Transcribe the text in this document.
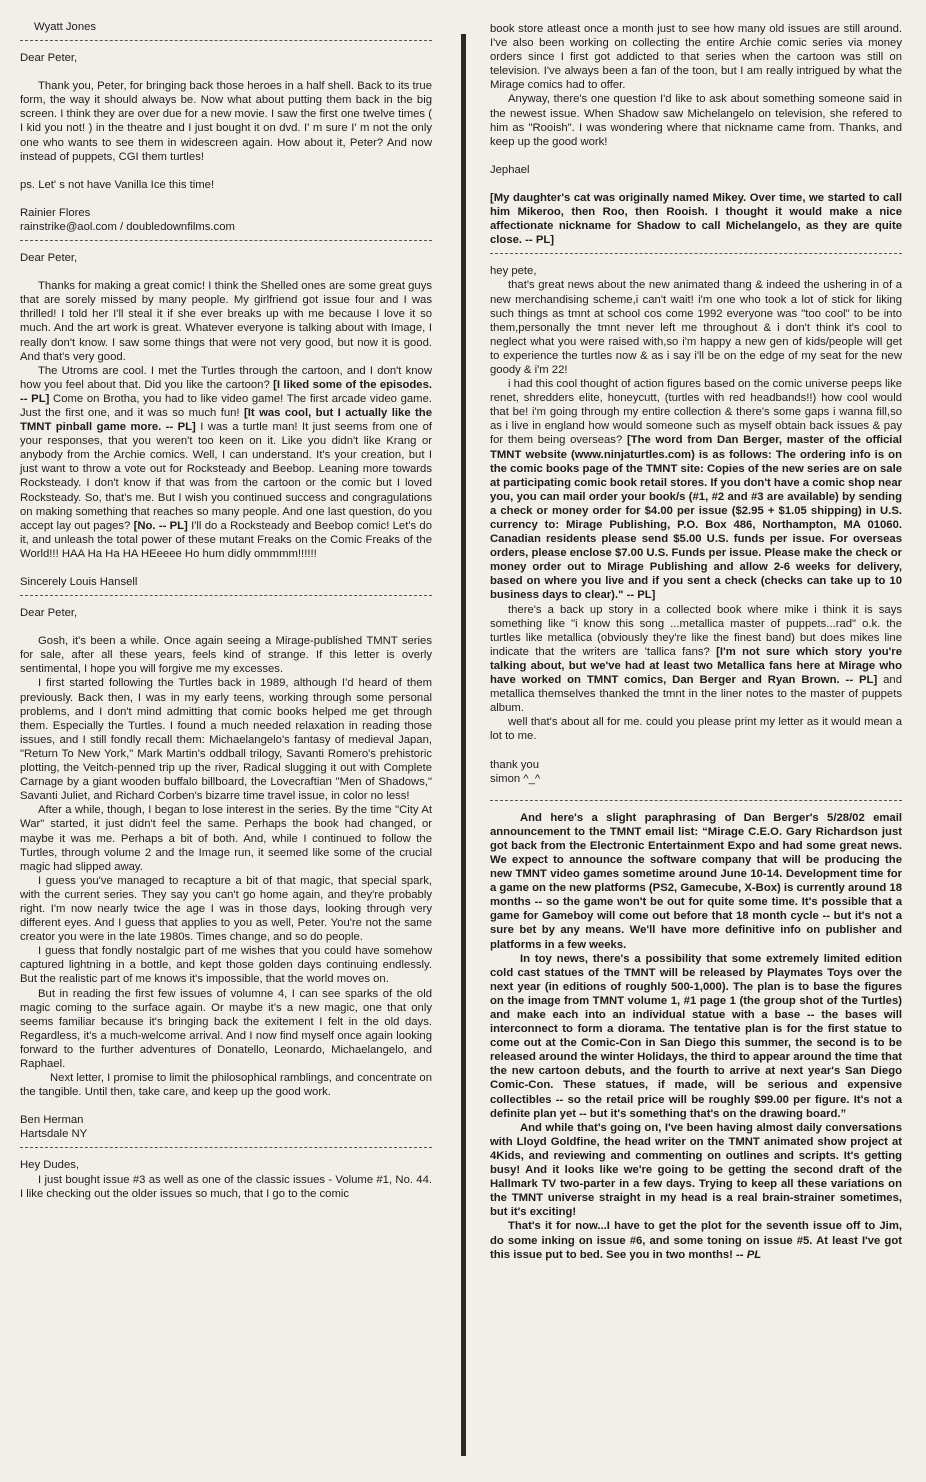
Wyatt Jones

Dear Peter,

Thank you, Peter, for bringing back those heroes in a half shell. Back to its true form, the way it should always be. Now what about putting them back in the big screen. I think they are over due for a new movie. I saw the first one twelve times ( I kid you not! ) in the theatre and I just bought it on dvd. I' m sure I' m not the only one who wants to see them in widescreen again. How about it, Peter? And now instead of puppets, CGI them turtles!

ps. Let' s not have Vanilla Ice this time!

Rainier Flores

rainstrike@aol.com / doubledownfilms.com

Dear Peter,

Thanks for making a great comic! I think the Shelled ones are some great guys that are sorely missed by many people. My girlfriend got issue four and I was thrilled! I told her I'll steal it if she ever breaks up with me because I love it so much. And the art work is great. Whatever everyone is talking about with Image, I really don't know. I saw some things that were not very good, but now it is good. And that's very good.

The Utroms are cool. I met the Turtles through the cartoon, and I don't know how you feel about that. Did you like the cartoon? [I liked some of the episodes. -- PL] Come on Brotha, you had to like video game! The first arcade video game. Just the first one, and it was so much fun! [It was cool, but I actually like the TMNT pinball game more. -- PL] I was a turtle man! It just seems from one of your responses, that you weren't too keen on it. Like you didn't like Krang or anybody from the Archie comics. Well, I can understand. It's your creation, but I just want to throw a vote out for Rocksteady and Beebop. Leaning more towards Rocksteady. I don't know if that was from the cartoon or the comic but I loved Rocksteady. So, that's me. But I wish you continued success and congragulations on making something that reaches so many people. And one last question, do you accept lay out pages? [No. -- PL] I'll do a Rocksteady and Beebop comic! Let's do it, and unleash the total power of these mutant Freaks on the Comic Freaks of the World!!! HAA Ha Ha HA HEeeee Ho hum didly ommmm!!!!!!

Sincerely Louis Hansell

Dear Peter,

Gosh, it's been a while. Once again seeing a Mirage-published TMNT series for sale, after all these years, feels kind of strange. If this letter is overly sentimental, I hope you will forgive me my excesses.

I first started following the Turtles back in 1989, although I'd heard of them previously. Back then, I was in my early teens, working through some personal problems, and I don't mind admitting that comic books helped me get through them. Especially the Turtles. I found a much needed relaxation in reading those issues, and I still fondly recall them: Michaelangelo's fantasy of medieval Japan, "Return To New York," Mark Martin's oddball trilogy, Savanti Romero's prehistoric plotting, the Veitch-penned trip up the river, Radical slugging it out with Complete Carnage by a giant wooden buffalo billboard, the Lovecraftian "Men of Shadows," Savanti Juliet, and Richard Corben's bizarre time travel issue, in color no less!

After a while, though, I began to lose interest in the series. By the time "City At War" started, it just didn't feel the same. Perhaps the book had changed, or maybe it was me. Perhaps a bit of both. And, while I continued to follow the Turtles, through volume 2 and the Image run, it seemed like some of the crucial magic had slipped away.

I guess you've managed to recapture a bit of that magic, that special spark, with the current series. They say you can't go home again, and they're probably right. I'm now nearly twice the age I was in those days, looking through very different eyes. And I guess that applies to you as well, Peter. You're not the same creator you were in the late 1980s. Times change, and so do people.

I guess that fondly nostalgic part of me wishes that you could have somehow captured lightning in a bottle, and kept those golden days continuing endlessly. But the realistic part of me knows it's impossible, that the world moves on.

But in reading the first few issues of volumne 4, I can see sparks of the old magic coming to the surface again. Or maybe it's a new magic, one that only seems familiar because it's bringing back the exitement I felt in the old days. Regardless, it's a much-welcome arrival. And I now find myself once again looking forward to the further adventures of Donatello, Leonardo, Michaelangelo, and Raphael.

Next letter, I promise to limit the philosophical ramblings, and concentrate on the tangible. Until then, take care, and keep up the good work.

Ben Herman

Hartsdale NY

Hey Dudes,

I just bought issue #3 as well as one of the classic issues - Volume #1, No. 44. I like checking out the older issues so much, that I go to the comic

book store atleast once a month just to see how many old issues are still around. I've also been working on collecting the entire Archie comic series via money orders since I first got addicted to that series when the cartoon was still on television. I've always been a fan of the toon, but I am really intrigued by what the Mirage comics had to offer.

Anyway, there's one question I'd like to ask about something someone said in the newest issue. When Shadow saw Michelangelo on television, she refered to him as "Rooish". I was wondering where that nickname came from. Thanks, and keep up the good work!

Jephael

[My daughter's cat was originally named Mikey. Over time, we started to call him Mikeroo, then Roo, then Rooish. I thought it would make a nice affectionate nickname for Shadow to call Michelangelo, as they are quite close. -- PL]

hey pete,

that's great news about the new animated thang & indeed the ushering in of a new merchandising scheme,i can't wait! i'm one who took a lot of stick for liking such things as tmnt at school cos come 1992 everyone was "too cool" to be into them,personally the tmnt never left me throughout & i don't think it's cool to neglect what you were raised with,so i'm happy a new gen of kids/people will get to experience the turtles now & as i say i'll be on the edge of my seat for the new goody & i'm 22!

i had this cool thought of action figures based on the comic universe peeps like renet, shredders elite, honeycutt, (turtles with red headbands!!) how cool would that be! i'm going through my entire collection & there's some gaps i wanna fill,so as i live in england how would someone such as myself obtain back issues & pay for them being overseas? [The word from Dan Berger, master of the official TMNT website (www.ninjaturtles.com) is as follows: The ordering info is on the comic books page of the TMNT site: Copies of the new series are on sale at participating comic book retail stores. If you don't have a comic shop near you, you can mail order your book/s (#1, #2 and #3 are available) by sending a check or money order for $4.00 per issue ($2.95 + $1.05 shipping) in U.S. currency to: Mirage Publishing, P.O. Box 486, Northampton, MA 01060. Canadian residents please send $5.00 U.S. funds per issue. For overseas orders, please enclose $7.00 U.S. Funds per issue. Please make the check or money order out to Mirage Publishing and allow 2-6 weeks for delivery, based on where you live and if you sent a check (checks can take up to 10 business days to clear)." -- PL]

there's a back up story in a collected book where mike i think it is says something like "i know this song ...metallica master of puppets...rad" o.k. the turtles like metallica (obviously they're like the finest band) but does mikes line indicate that the writers are 'tallica fans? [I'm not sure which story you're talking about, but we've had at least two Metallica fans here at Mirage who have worked on TMNT comics, Dan Berger and Ryan Brown. -- PL] and metallica themselves thanked the tmnt in the liner notes to the master of puppets album.

well that's about all for me. could you please print my letter as it would mean a lot to me.

thank you

simon ^_^

And here's a slight paraphrasing of Dan Berger's 5/28/02 email announcement to the TMNT email list: “Mirage C.E.O. Gary Richardson just got back from the Electronic Entertainment Expo and had some great news. We expect to announce the software company that will be producing the new TMNT video games sometime around June 10-14. Development time for a game on the new platforms (PS2, Gamecube, X-Box) is currently around 18 months -- so the game won't be out for quite some time. It's possible that a game for Gameboy will come out before that 18 month cycle -- but it's not a sure bet by any means. We'll have more definitive info on publisher and platforms in a few weeks.

In toy news, there's a possibility that some extremely limited edition cold cast statues of the TMNT will be released by Playmates Toys over the next year (in editions of roughly 500-1,000). The plan is to base the figures on the image from TMNT volume 1, #1 page 1 (the group shot of the Turtles) and make each into an individual statue with a base -- the bases will interconnect to form a diorama. The tentative plan is for the first statue to come out at the Comic-Con in San Diego this summer, the second is to be released around the winter Holidays, the third to appear around the time that the new cartoon debuts, and the fourth to arrive at next year's San Diego Comic-Con. These statues, if made, will be serious and expensive collectibles -- so the retail price will be roughly $99.00 per figure. It's not a definite plan yet -- but it's something that's on the drawing board.”

And while that's going on, I've been having almost daily conversations with Lloyd Goldfine, the head writer on the TMNT animated show project at 4Kids, and reviewing and commenting on outlines and scripts. It's getting busy! And it looks like we're going to be getting the second draft of the Hallmark TV two-parter in a few days. Trying to keep all these variations on the TMNT universe straight in my head is a real brain-strainer sometimes, but it's exciting!

That's it for now...I have to get the plot for the seventh issue off to Jim, do some inking on issue #6, and some toning on issue #5. At least I've got this issue put to bed. See you in two months! -- PL
